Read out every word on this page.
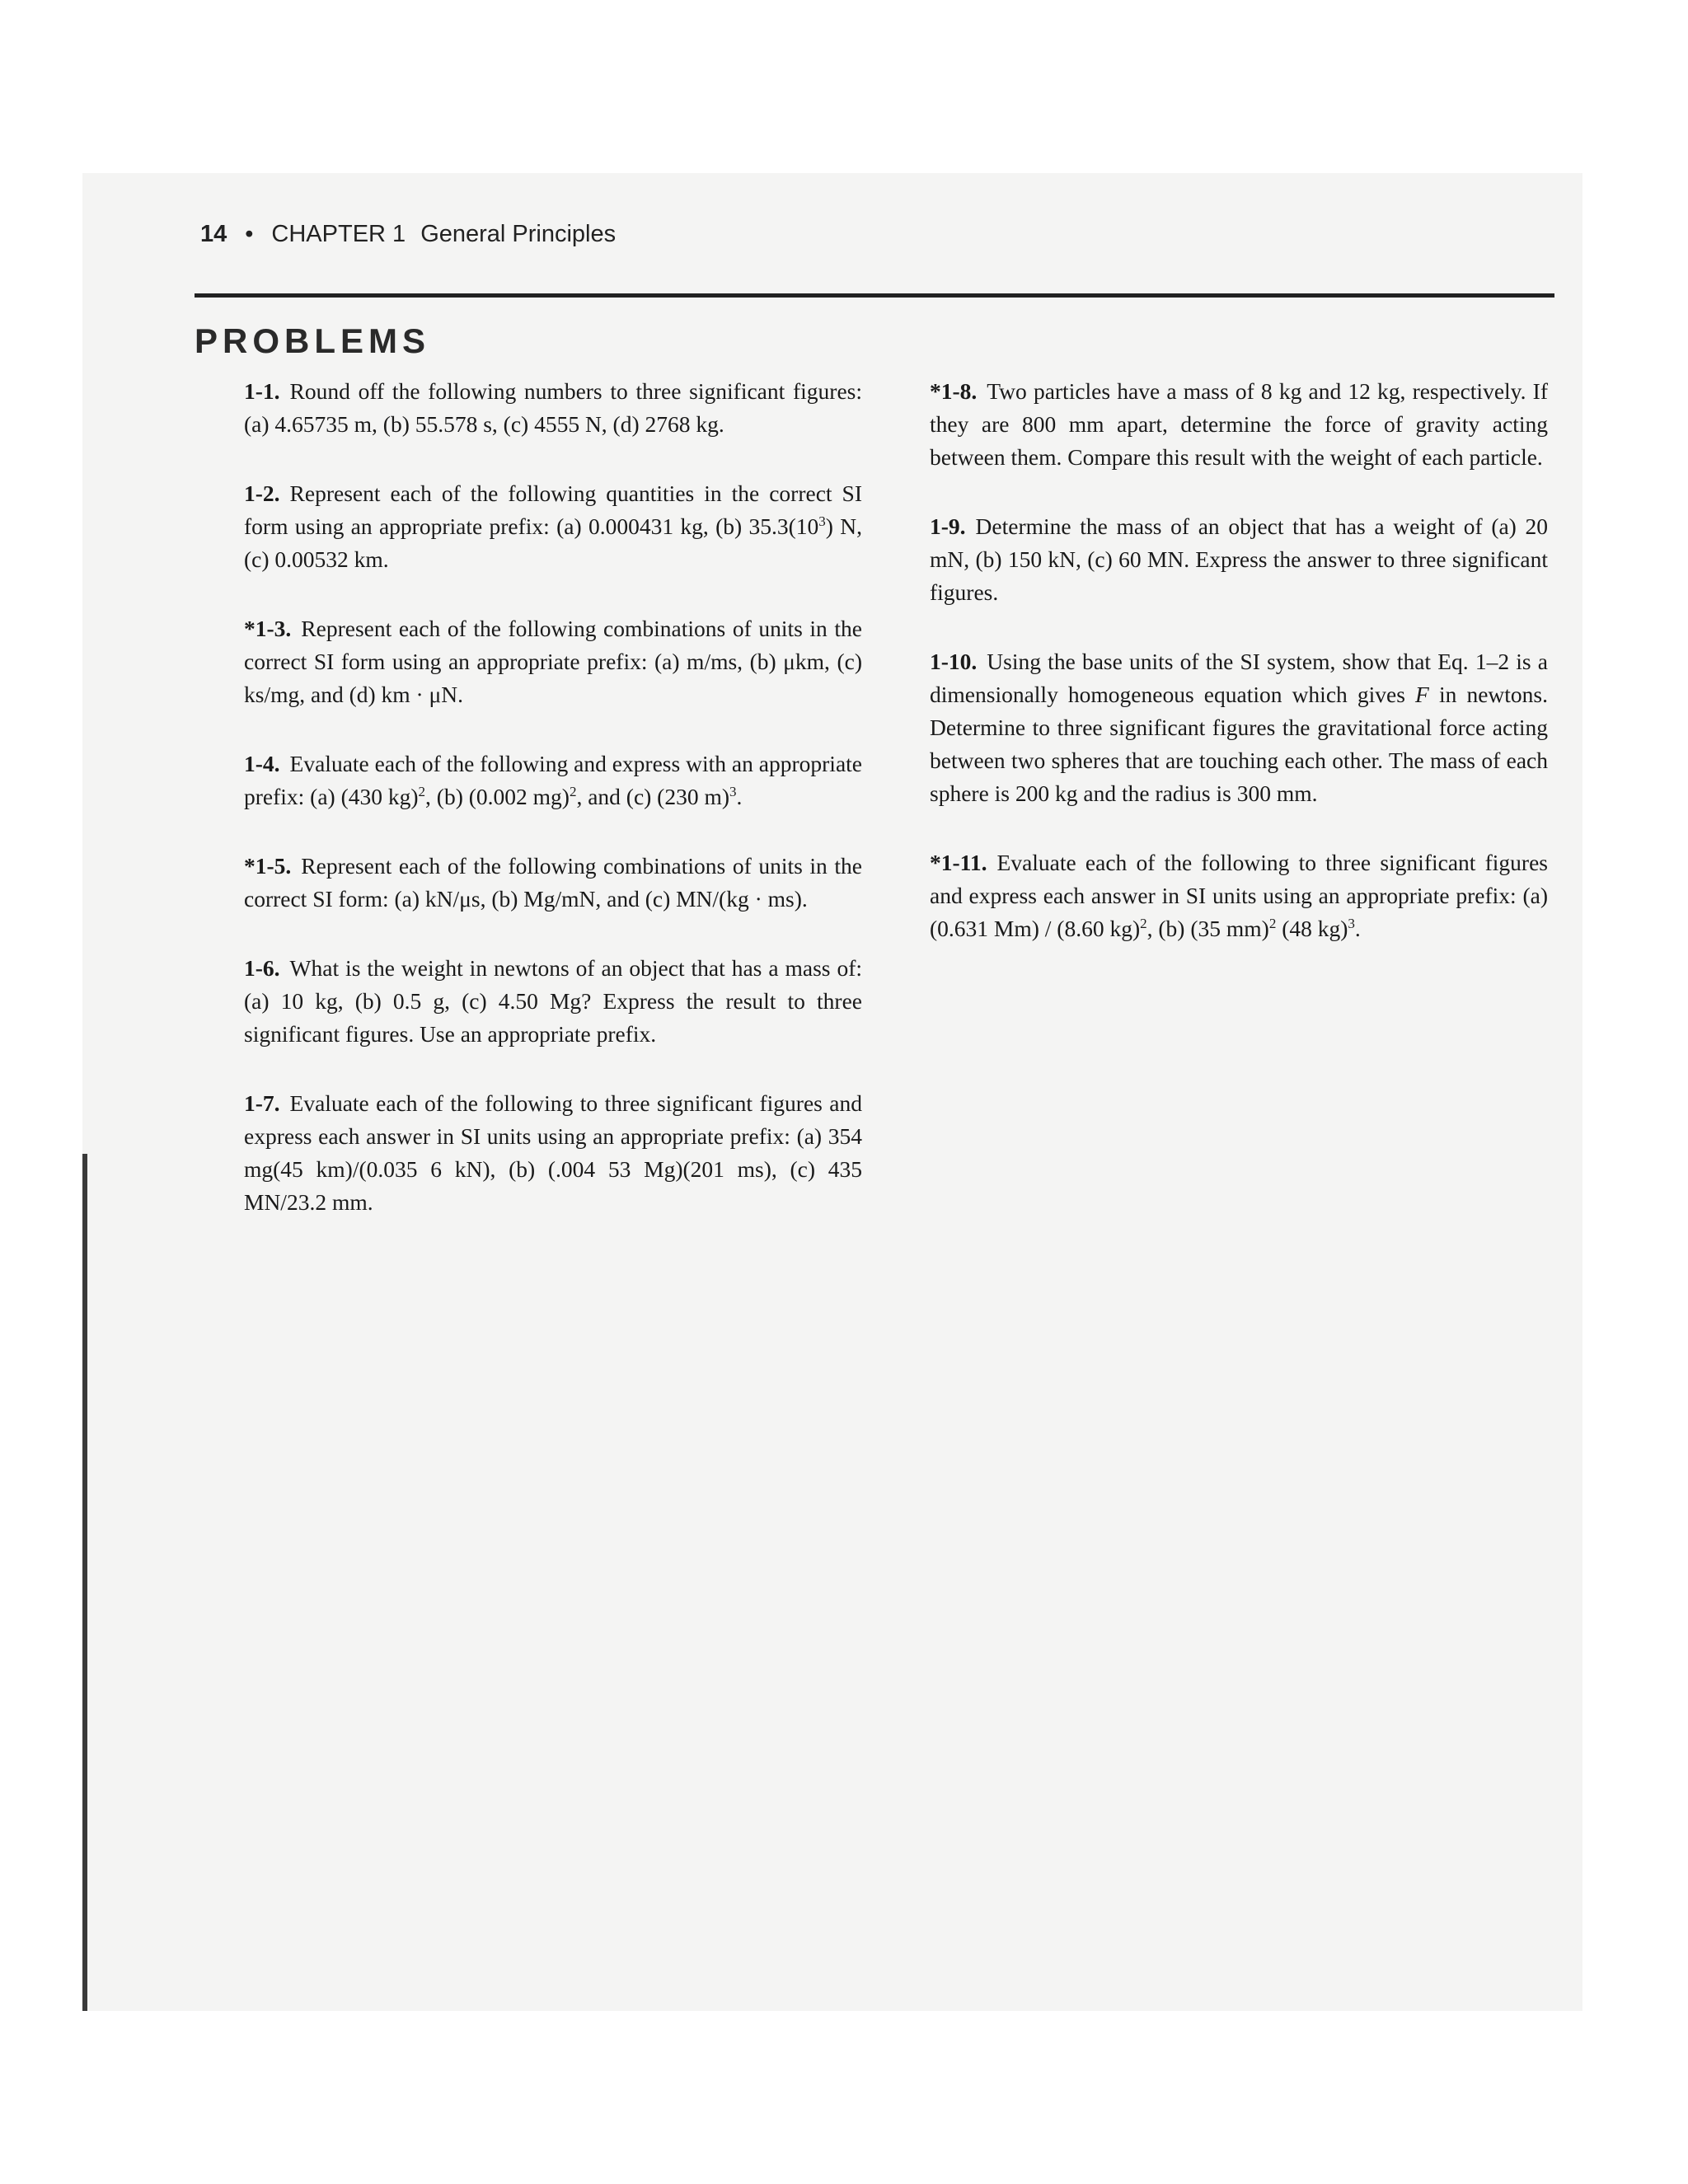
14 • CHAPTER 1 General Principles
PROBLEMS

1-1. Round off the following numbers to three significant figures: (a) 4.65735 m, (b) 55.578 s, (c) 4555 N, (d) 2768 kg.

1-2. Represent each of the following quantities in the correct SI form using an appropriate prefix: (a) 0.000431 kg, (b) $35.3(10^3)$ N, (c) 0.00532 km.

*1-3. Represent each of the following combinations of units in the correct SI form using an appropriate prefix: (a) m/ms, (b) μkm, (c) ks/mg, and (d) km · μN.

1-4. Evaluate each of the following and express with an appropriate prefix: (a) (430 kg)$^2$, (b) (0.002 mg)$^2$, and (c) (230 m)$^3$.

*1-5. Represent each of the following combinations of units in the correct SI form: (a) kN/μs, (b) Mg/mN, and (c) MN/(kg · ms).

1-6. What is the weight in newtons of an object that has a mass of: (a) 10 kg, (b) 0.5 g, (c) 4.50 Mg? Express the result to three significant figures. Use an appropriate prefix.

1-7. Evaluate each of the following to three significant figures and express each answer in SI units using an appropriate prefix: (a) 354 mg(45 km)/(0.035 6 kN), (b) (.004 53 Mg)(201 ms), (c) 435 MN/23.2 mm.

*1-8. Two particles have a mass of 8 kg and 12 kg, respectively. If they are 800 mm apart, determine the force of gravity acting between them. Compare this result with the weight of each particle.

1-9. Determine the mass of an object that has a weight of (a) 20 mN, (b) 150 kN, (c) 60 MN. Express the answer to three significant figures.

1-10. Using the base units of the SI system, show that Eq. 1–2 is a dimensionally homogeneous equation which gives F in newtons. Determine to three significant figures the gravitational force acting between two spheres that are touching each other. The mass of each sphere is 200 kg and the radius is 300 mm.

*1-11. Evaluate each of the following to three significant figures and express each answer in SI units using an appropriate prefix: (a) (0.631 Mm) / (8.60 kg)$^2$, (b) (35 mm)$^2$ (48 kg)$^3$.
